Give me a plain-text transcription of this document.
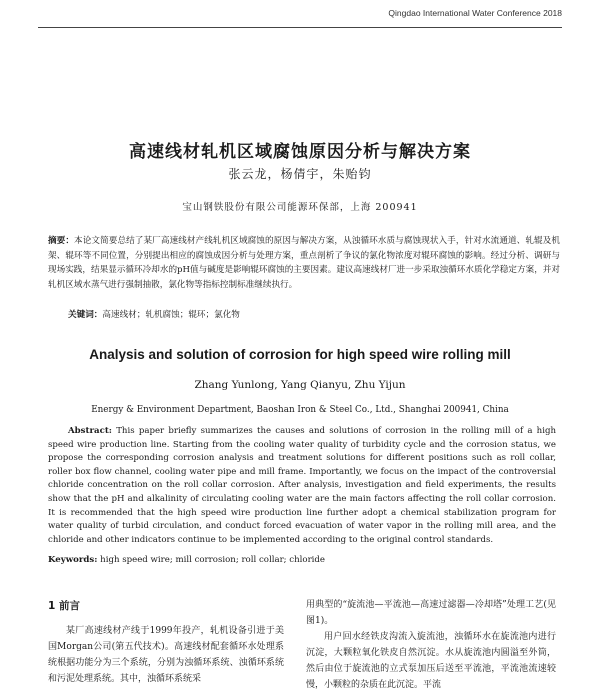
Qingdao International Water Conference 2018
高速线材轧机区域腐蚀原因分析与解决方案
张云龙，杨倩宇，朱贻钧
宝山钢铁股份有限公司能源环保部，上海 200941
摘要：本论文简要总结了某厂高速线材产线轧机区域腐蚀的原因与解决方案，从浊循环水质与腐蚀现状入手，针对水流通道、轧辊及机架、辊环等不同位置，分别提出相应的腐蚀成因分析与处理方案，重点剖析了争议的氯化物浓度对辊环腐蚀的影响。经过分析、调研与现场实践，结果显示循环冷却水的pH值与碱度是影响辊环腐蚀的主要因素。建议高速线材厂进一步采取浊循环水质化学稳定方案，并对轧机区域水蒸气进行强制抽散，氯化物等指标控制标准继续执行。
关键词：高速线材；轧机腐蚀；辊环；氯化物
Analysis and solution of corrosion for high speed wire rolling mill
Zhang Yunlong, Yang Qianyu, Zhu Yijun
Energy & Environment Department, Baoshan Iron & Steel Co., Ltd., Shanghai 200941, China
Abstract: This paper briefly summarizes the causes and solutions of corrosion in the rolling mill of a high speed wire production line. Starting from the cooling water quality of turbidity cycle and the corrosion status, we propose the corresponding corrosion analysis and treatment solutions for different positions such as roll collar, roller box flow channel, cooling water pipe and mill frame. Importantly, we focus on the impact of the controversial chloride concentration on the roll collar corrosion. After analysis, investigation and field experiments, the results show that the pH and alkalinity of circulating cooling water are the main factors affecting the roll collar corrosion. It is recommended that the high speed wire production line further adopt a chemical stabilization program for water quality of turbid circulation, and conduct forced evacuation of water vapor in the rolling mill area, and the chloride and other indicators continue to be implemented according to the original control standards.
Keywords: high speed wire; mill corrosion; roll collar; chloride
1 前言
某厂高速线材产线于1999年投产，轧机设备引进于美国Morgan公司(第五代技术)。高速线材配套循环水处理系统根据功能分为三个系统，分别为浊循环系统、浊循环系统和污泥处理系统。其中，浊循环系统采

用典型的“旋流池—平流池—高速过滤器—冷却塔”处理工艺(见图1)。

用户回水经铁皮沟流入旋流池，浊循环水在旋流池内进行沉淀，大颗粒氧化铁皮自然沉淀。水从旋流池内圆溢至外筒，然后由位于旋流池的立式泵加压后送至平流池，平流池流速较慢，小颗粒的杂质在此沉淀。平流
